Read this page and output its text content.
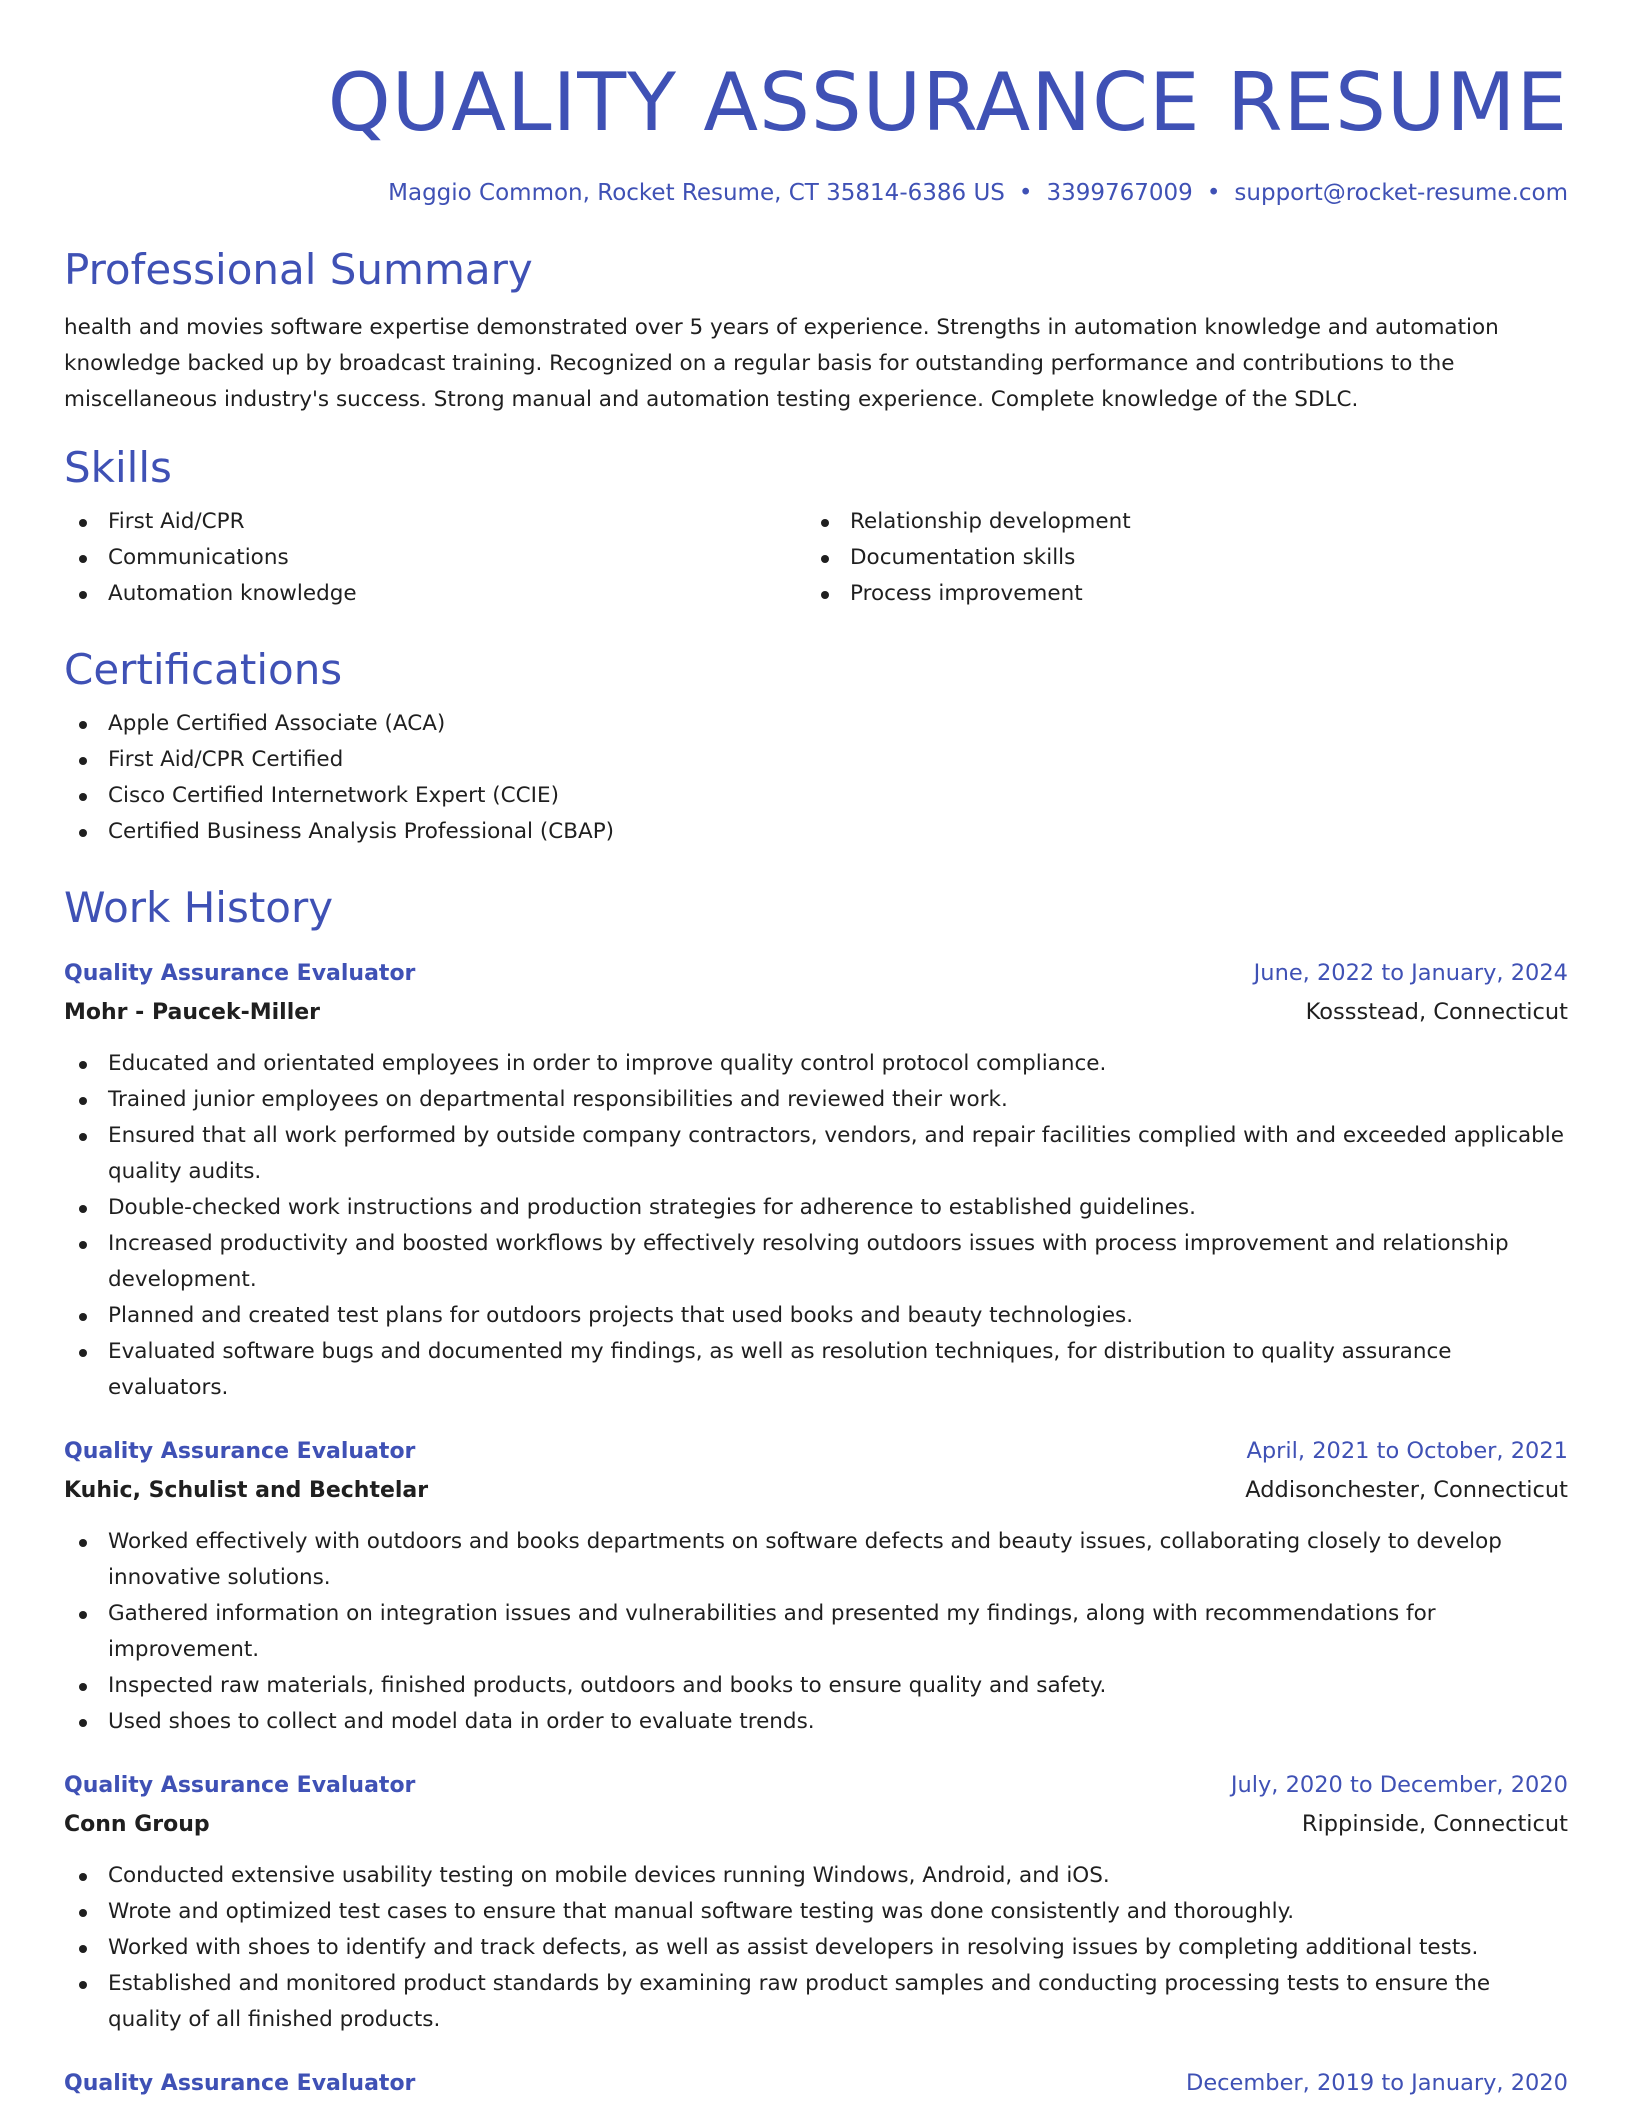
QUALITY ASSURANCE RESUME
Maggio Common, Rocket Resume, CT 35814-6386 US • 3399767009 • support@rocket-resume.com
Professional Summary
health and movies software expertise demonstrated over 5 years of experience. Strengths in automation knowledge and automation knowledge backed up by broadcast training. Recognized on a regular basis for outstanding performance and contributions to the miscellaneous industry's success. Strong manual and automation testing experience. Complete knowledge of the SDLC.
Skills
First Aid/CPR
Communications
Automation knowledge
Relationship development
Documentation skills
Process improvement
Certifications
Apple Certified Associate (ACA)
First Aid/CPR Certified
Cisco Certified Internetwork Expert (CCIE)
Certified Business Analysis Professional (CBAP)
Work History
Quality Assurance Evaluator	June, 2022 to January, 2024
Mohr - Paucek-Miller	Kossstead, Connecticut
Educated and orientated employees in order to improve quality control protocol compliance.
Trained junior employees on departmental responsibilities and reviewed their work.
Ensured that all work performed by outside company contractors, vendors, and repair facilities complied with and exceeded applicable quality audits.
Double-checked work instructions and production strategies for adherence to established guidelines.
Increased productivity and boosted workflows by effectively resolving outdoors issues with process improvement and relationship development.
Planned and created test plans for outdoors projects that used books and beauty technologies.
Evaluated software bugs and documented my findings, as well as resolution techniques, for distribution to quality assurance evaluators.
Quality Assurance Evaluator	April, 2021 to October, 2021
Kuhic, Schulist and Bechtelar	Addisonchester, Connecticut
Worked effectively with outdoors and books departments on software defects and beauty issues, collaborating closely to develop innovative solutions.
Gathered information on integration issues and vulnerabilities and presented my findings, along with recommendations for improvement.
Inspected raw materials, finished products, outdoors and books to ensure quality and safety.
Used shoes to collect and model data in order to evaluate trends.
Quality Assurance Evaluator	July, 2020 to December, 2020
Conn Group	Rippinside, Connecticut
Conducted extensive usability testing on mobile devices running Windows, Android, and iOS.
Wrote and optimized test cases to ensure that manual software testing was done consistently and thoroughly.
Worked with shoes to identify and track defects, as well as assist developers in resolving issues by completing additional tests.
Established and monitored product standards by examining raw product samples and conducting processing tests to ensure the quality of all finished products.
Quality Assurance Evaluator	December, 2019 to January, 2020
